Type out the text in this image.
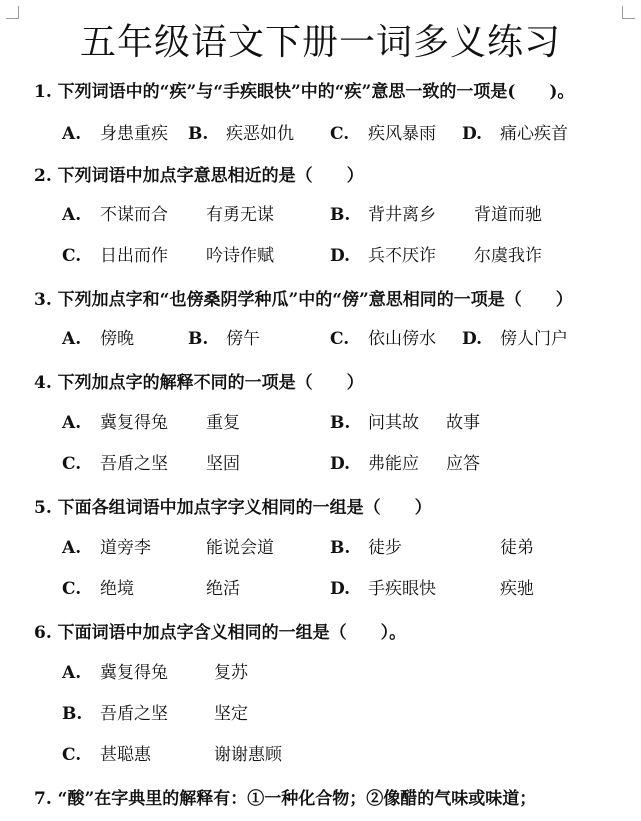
五年级语文下册一词多义练习
1. 下列词语中的“疾”与“手疾眼快”中的“疾”意思一致的一项是(　　)。
A. 身患重疾 B. 疾恶如仇 C. 疾风暴雨 D. 痛心疾首
2. 下列词语中加点字意思相近的是（　　）
A. 不谋而合 有勇无谋	B. 背井离乡 背道而驰
C. 日出而作 吟诗作赋	D. 兵不厌诈 尔虞我诈
3. 下列加点字和“也傍桑阴学种瓜”中的“傍”意思相同的一项是（　　）
A. 傍晚	B. 傍午	C. 依山傍水 D. 傍人门户
4. 下列加点字的解释不同的一项是（　　）
A. 冀复得兔 重复	B. 问其故 故事
C. 吾盾之坚 坚固	D. 弗能应 应答
5. 下面各组词语中加点字字义相同的一组是（　　）
A. 道旁李	能说会道	B. 徒步	徒弟
C. 绝境	绝活	D. 手疾眼快	疾驰
6. 下面词语中加点字含义相同的一组是（　　）。
A. 冀复得兔	复苏
B. 吾盾之坚	坚定
C. 甚聪惠	谢谢惠顾
7. “酸”在字典里的解释有：①一种化合物；②像醋的气味或味道；
